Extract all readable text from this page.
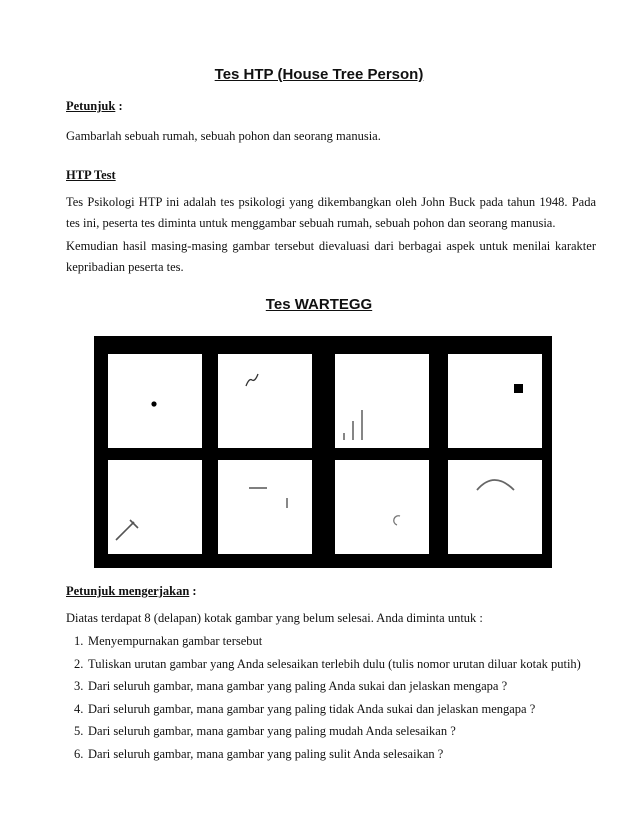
Tes HTP (House Tree Person)

Petunjuk :

Gambarlah sebuah rumah, sebuah pohon dan seorang manusia.

HTP Test

Tes Psikologi HTP ini adalah tes psikologi yang dikembangkan oleh John Buck pada tahun 1948. Pada tes ini, peserta tes diminta untuk menggambar sebuah rumah, sebuah pohon dan seorang manusia.

Kemudian hasil masing-masing gambar tersebut dievaluasi dari berbagai aspek untuk menilai karakter kepribadian peserta tes.

Tes WARTEGG

Petunjuk mengerjakan :

Diatas terdapat 8 (delapan) kotak gambar yang belum selesai. Anda diminta untuk :

1. Menyempurnakan gambar tersebut
2. Tuliskan urutan gambar yang Anda selesaikan terlebih dulu (tulis nomor urutan diluar kotak putih)
3. Dari seluruh gambar, mana gambar yang paling Anda sukai dan jelaskan mengapa ?
4. Dari seluruh gambar, mana gambar yang paling tidak Anda sukai dan jelaskan mengapa ?
5. Dari seluruh gambar, mana gambar yang paling mudah Anda selesaikan ?
6. Dari seluruh gambar, mana gambar yang paling sulit Anda selesaikan ?
